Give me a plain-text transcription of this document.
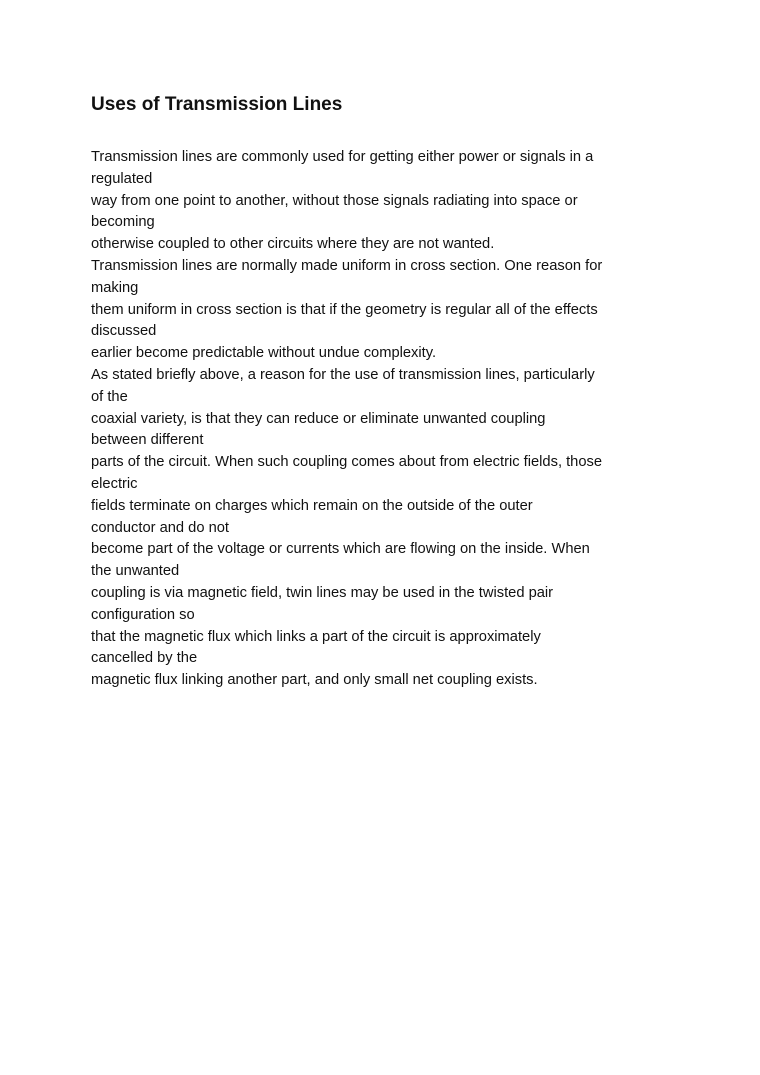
Uses of Transmission Lines
Transmission lines are commonly used for getting either power or signals in a
regulated
way from one point to another, without those signals radiating into space or
becoming
otherwise coupled to other circuits where they are not wanted.
Transmission lines are normally made uniform in cross section. One reason for
making
them uniform in cross section is that if the geometry is regular all of the effects
discussed
earlier become predictable without undue complexity.
As stated briefly above, a reason for the use of transmission lines, particularly
of the
coaxial variety, is that they can reduce or eliminate unwanted coupling
between different
parts of the circuit. When such coupling comes about from electric fields, those
electric
fields terminate on charges which remain on the outside of the outer
conductor and do not
become part of the voltage or currents which are flowing on the inside. When
the unwanted
coupling is via magnetic field, twin lines may be used in the twisted pair
configuration so
that the magnetic flux which links a part of the circuit is approximately
cancelled by the
magnetic flux linking another part, and only small net coupling exists.
